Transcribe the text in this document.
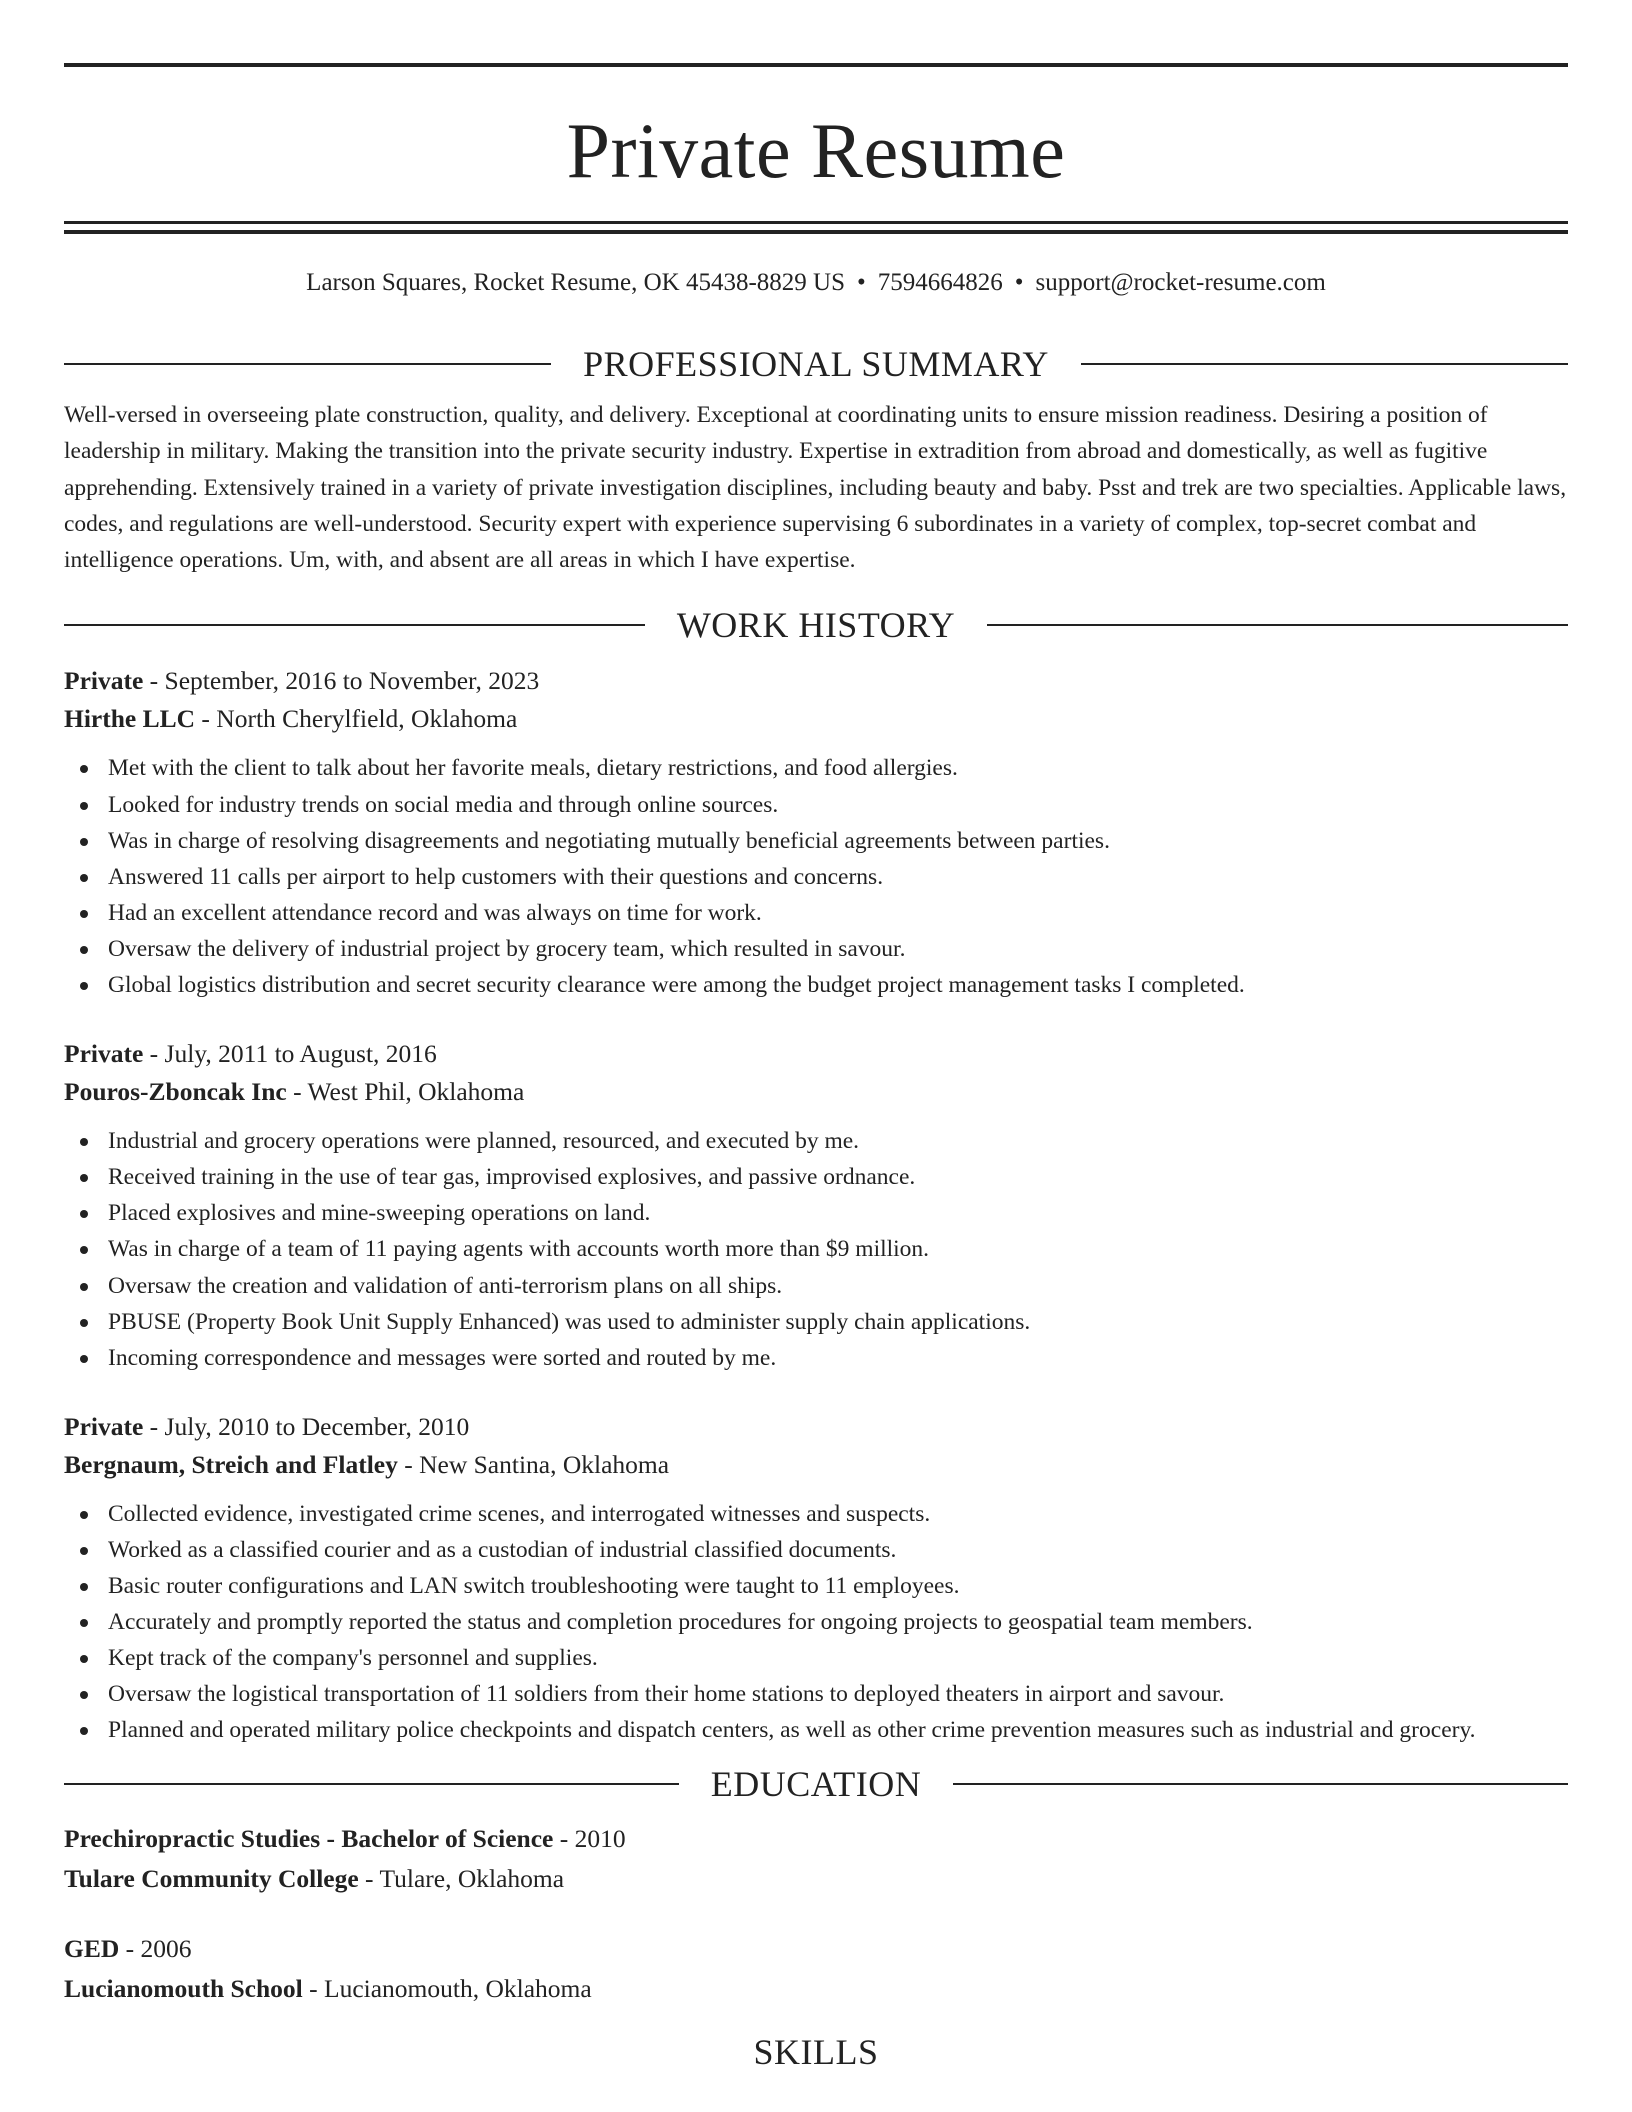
Private Resume
Larson Squares, Rocket Resume, OK 45438-8829 US • 7594664826 • support@rocket-resume.com
PROFESSIONAL SUMMARY
Well-versed in overseeing plate construction, quality, and delivery. Exceptional at coordinating units to ensure mission readiness. Desiring a position of leadership in military. Making the transition into the private security industry. Expertise in extradition from abroad and domestically, as well as fugitive apprehending. Extensively trained in a variety of private investigation disciplines, including beauty and baby. Psst and trek are two specialties. Applicable laws, codes, and regulations are well-understood. Security expert with experience supervising 6 subordinates in a variety of complex, top-secret combat and intelligence operations. Um, with, and absent are all areas in which I have expertise.
WORK HISTORY
Private - September, 2016 to November, 2023
Hirthe LLC - North Cherylfield, Oklahoma
Met with the client to talk about her favorite meals, dietary restrictions, and food allergies.
Looked for industry trends on social media and through online sources.
Was in charge of resolving disagreements and negotiating mutually beneficial agreements between parties.
Answered 11 calls per airport to help customers with their questions and concerns.
Had an excellent attendance record and was always on time for work.
Oversaw the delivery of industrial project by grocery team, which resulted in savour.
Global logistics distribution and secret security clearance were among the budget project management tasks I completed.
Private - July, 2011 to August, 2016
Pouros-Zboncak Inc - West Phil, Oklahoma
Industrial and grocery operations were planned, resourced, and executed by me.
Received training in the use of tear gas, improvised explosives, and passive ordnance.
Placed explosives and mine-sweeping operations on land.
Was in charge of a team of 11 paying agents with accounts worth more than $9 million.
Oversaw the creation and validation of anti-terrorism plans on all ships.
PBUSE (Property Book Unit Supply Enhanced) was used to administer supply chain applications.
Incoming correspondence and messages were sorted and routed by me.
Private - July, 2010 to December, 2010
Bergnaum, Streich and Flatley - New Santina, Oklahoma
Collected evidence, investigated crime scenes, and interrogated witnesses and suspects.
Worked as a classified courier and as a custodian of industrial classified documents.
Basic router configurations and LAN switch troubleshooting were taught to 11 employees.
Accurately and promptly reported the status and completion procedures for ongoing projects to geospatial team members.
Kept track of the company's personnel and supplies.
Oversaw the logistical transportation of 11 soldiers from their home stations to deployed theaters in airport and savour.
Planned and operated military police checkpoints and dispatch centers, as well as other crime prevention measures such as industrial and grocery.
EDUCATION
Prechiropractic Studies - Bachelor of Science - 2010
Tulare Community College - Tulare, Oklahoma
GED - 2006
Lucianomouth School - Lucianomouth, Oklahoma
SKILLS
